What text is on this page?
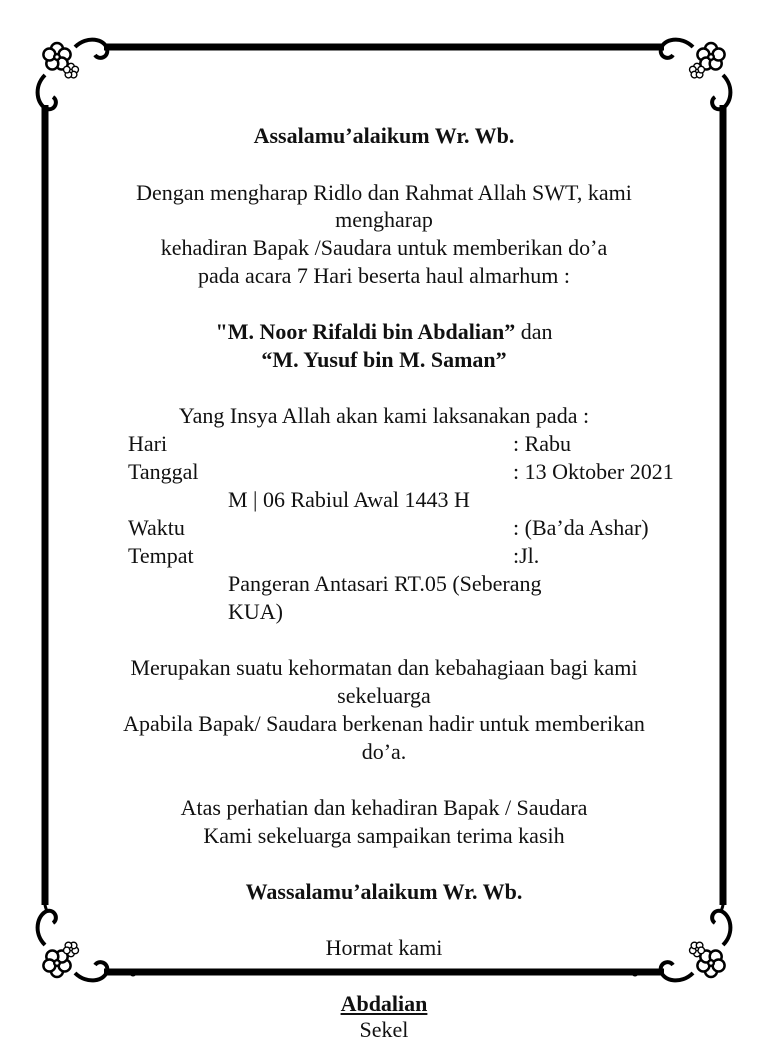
Assalamu’alaikum Wr. Wb.
Dengan mengharap Ridlo dan Rahmat Allah SWT, kami
mengharap
kehadiran Bapak /Saudara untuk memberikan do’a
pada acara 7 Hari beserta haul almarhum :
"M. Noor Rifaldi bin Abdalian” dan
“M. Yusuf bin M. Saman”
Yang Insya Allah akan kami laksanakan pada :
Hari	: Rabu
Tanggal	: 13 Oktober 2021
M | 06 Rabiul Awal 1443 H
Waktu	: (Ba’da Ashar)
Tempat	:Jl.
Pangeran Antasari RT.05 (Seberang
KUA)
Merupakan suatu kehormatan dan kebahagiaan bagi kami
sekeluarga
Apabila Bapak/ Saudara berkenan hadir untuk memberikan
do’a.
Atas perhatian dan kehadiran Bapak / Saudara
Kami sekeluarga sampaikan terima kasih
Wassalamu’alaikum Wr. Wb.
Hormat kami
Abdalian
Sekel
